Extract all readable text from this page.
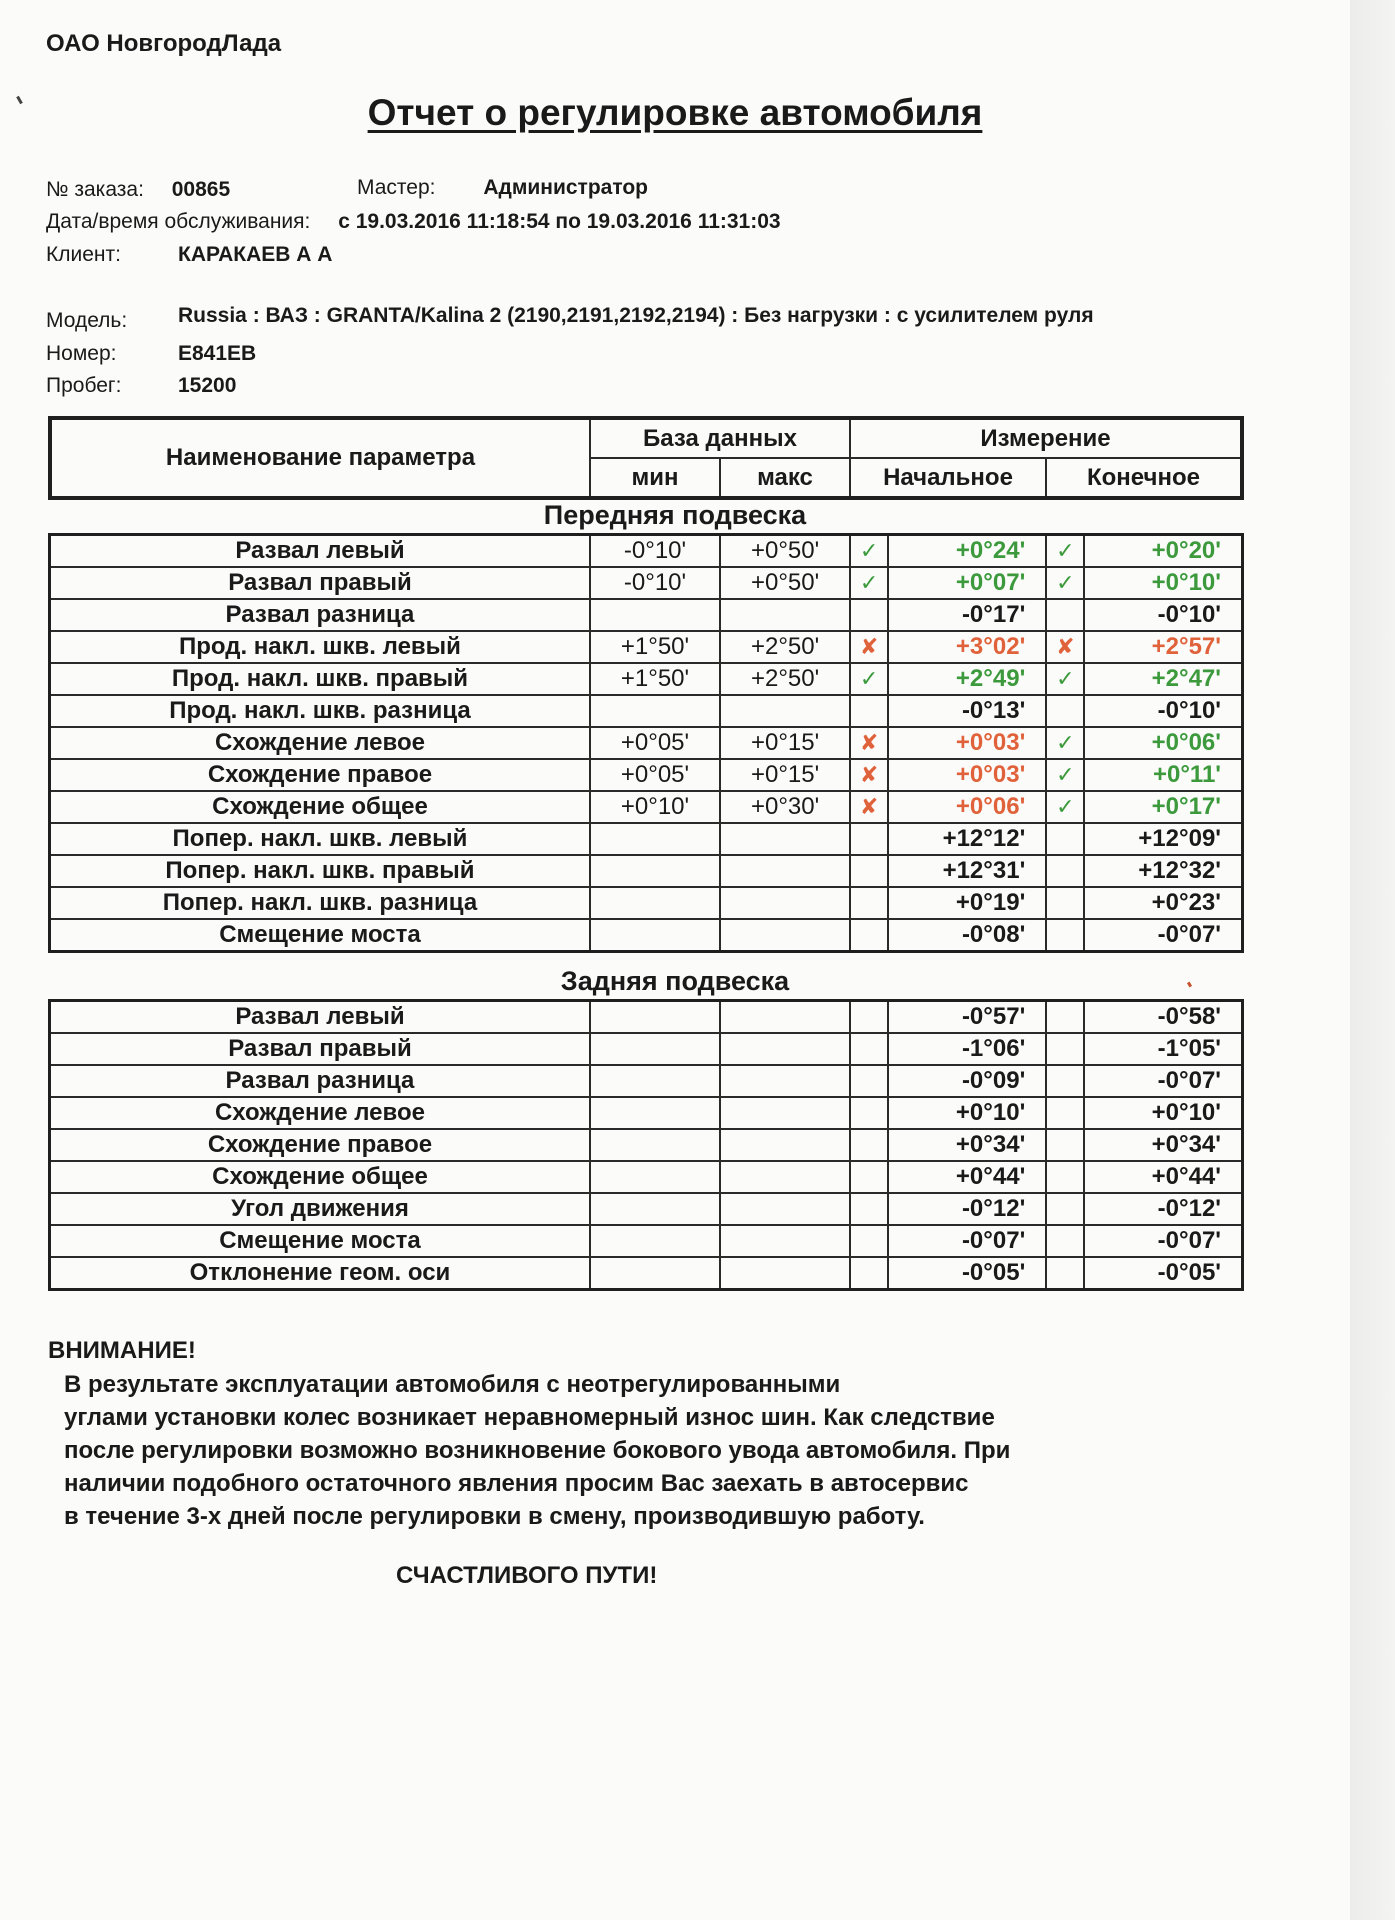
ОАО НовгородЛада
Отчет о регулировке автомобиля
№ заказа: 00865	Мастер: Администратор
Дата/время обслуживания: с 19.03.2016 11:18:54 по 19.03.2016 11:31:03
Клиент:	КАРАКАЕВ А А
Модель: Russia : ВАЗ : GRANTA/Kalina 2 (2190,2191,2192,2194) : Без нагрузки : с усилителем руля
Номер:	Е841ЕВ
Пробег:	15200
Наименование параметра	База данных		Измерение	
	мин	макс	Начальное	Конечное
Передняя подвеска
Развал левый	-0°10'	+0°50'	✓	+0°24'	✓	+0°20'
Развал правый	-0°10'	+0°50'	✓	+0°07'	✓	+0°10'
Развал разница				-0°17'		-0°10'
Прод. накл. шкв. левый	+1°50'	+2°50'	✘	+3°02'	✘	+2°57'
Прод. накл. шкв. правый	+1°50'	+2°50'	✓	+2°49'	✓	+2°47'
Прод. накл. шкв. разница				-0°13'		-0°10'
Схождение левое	+0°05'	+0°15'	✘	+0°03'	✓	+0°06'
Схождение правое	+0°05'	+0°15'	✘	+0°03'	✓	+0°11'
Схождение общее	+0°10'	+0°30'	✘	+0°06'	✓	+0°17'
Попер. накл. шкв. левый				+12°12'		+12°09'
Попер. накл. шкв. правый				+12°31'		+12°32'
Попер. накл. шкв. разница				+0°19'		+0°23'
Смещение моста				-0°08'		-0°07'
Задняя подвеска
Развал левый				-0°57'		-0°58'
Развал правый				-1°06'		-1°05'
Развал разница				-0°09'		-0°07'
Схождение левое				+0°10'		+0°10'
Схождение правое				+0°34'		+0°34'
Схождение общее				+0°44'		+0°44'
Угол движения				-0°12'		-0°12'
Смещение моста				-0°07'		-0°07'
Отклонение геом. оси				-0°05'		-0°05'
ВНИМАНИЕ!
В результате эксплуатации автомобиля с неотрегулированными
углами установки колес возникает неравномерный износ шин. Как следствие
после регулировки возможно возникновение бокового увода автомобиля. При
наличии подобного остаточного явления просим Вас заехать в автосервис
в течение 3-х дней после регулировки в смену, производившую работу.
СЧАСТЛИВОГО ПУТИ!
